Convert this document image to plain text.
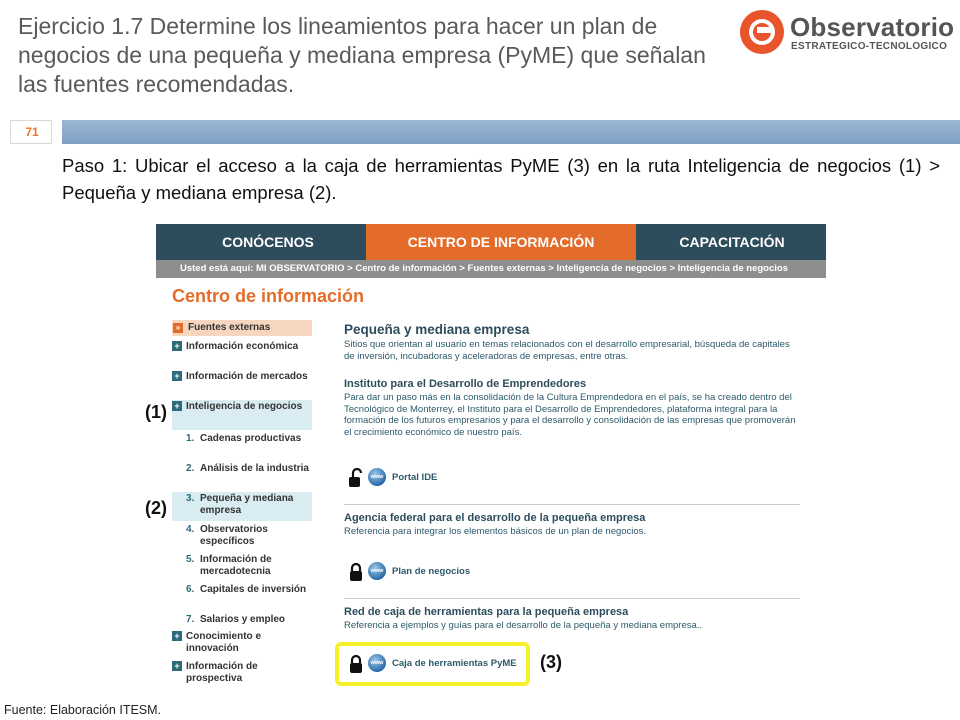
Ejercicio 1.7 Determine los lineamientos para hacer un plan de negocios de una pequeña y mediana empresa (PyME) que señalan las fuentes recomendadas.
Observatorio
ESTRATEGICO-TECNOLOGICO
71
Paso 1: Ubicar el acceso a la caja de herramientas PyME (3) en la ruta Inteligencia de negocios (1) > Pequeña y mediana empresa (2).
CONÓCENOS	CENTRO DE INFORMACIÓN	CAPACITACIÓN
Usted está aquí: MI OBSERVATORIO > Centro de información > Fuentes externas > Inteligencia de negocios > Inteligencia de negocios
Centro de información
» Fuentes externas
+ Información económica
+ Información de mercados
+ Inteligencia de negocios
1. Cadenas productivas
2. Análisis de la industria
3. Pequeña y mediana empresa
4. Observatorios específicos
5. Información de mercadotecnia
6. Capitales de inversión
7. Salarios y empleo
+ Conocimiento e innovación
+ Información de prospectiva
Pequeña y mediana empresa
Sitios que orientan al usuario en temas relacionados con el desarrollo empresarial, búsqueda de capitales de inversión, incubadoras y aceleradoras de empresas, entre otras.
Instituto para el Desarrollo de Emprendedores
Para dar un paso más en la consolidación de la Cultura Emprendedora en el país, se ha creado dentro del Tecnológico de Monterrey, el Instituto para el Desarrollo de Emprendedores, plataforma integral para la formación de los futuros empresarios y para el desarrollo y consolidación de las empresas que promoverán el crecimiento económico de nuestro país.
www Portal IDE
Agencia federal para el desarrollo de la pequeña empresa
Referencia para integrar los elementos básicos de un plan de negocios.
www Plan de negocios
Red de caja de herramientas para la pequeña empresa
Referencia a ejemplos y guías para el desarrollo de la pequeña y mediana empresa..
www Caja de herramientas PyME
(1)
(2)
(3)
Fuente: Elaboración ITESM.
